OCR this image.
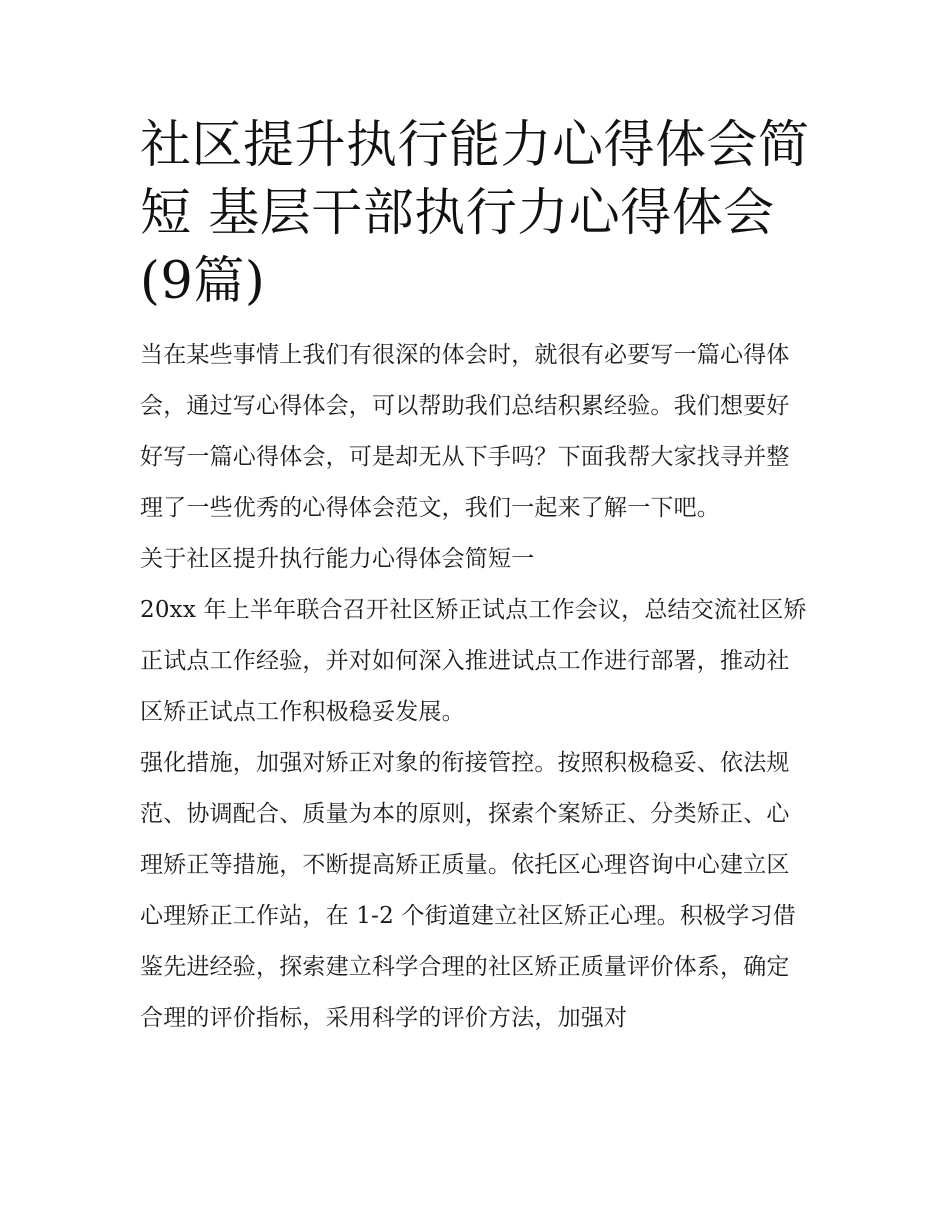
社区提升执行能力心得体会简短 基层干部执行力心得体会(9篇)

当在某些事情上我们有很深的体会时，就很有必要写一篇心得体会，通过写心得体会，可以帮助我们总结积累经验。我们想要好好写一篇心得体会，可是却无从下手吗？下面我帮大家找寻并整理了一些优秀的心得体会范文，我们一起来了解一下吧。

关于社区提升执行能力心得体会简短一

20xx 年上半年联合召开社区矫正试点工作会议，总结交流社区矫正试点工作经验，并对如何深入推进试点工作进行部署，推动社区矫正试点工作积极稳妥发展。

强化措施，加强对矫正对象的衔接管控。按照积极稳妥、依法规范、协调配合、质量为本的原则，探索个案矫正、分类矫正、心理矫正等措施，不断提高矫正质量。依托区心理咨询中心建立区心理矫正工作站，在 1-2 个街道建立社区矫正心理。积极学习借鉴先进经验，探索建立科学合理的社区矫正质量评价体系，确定合理的评价指标，采用科学的评价方法，加强对
